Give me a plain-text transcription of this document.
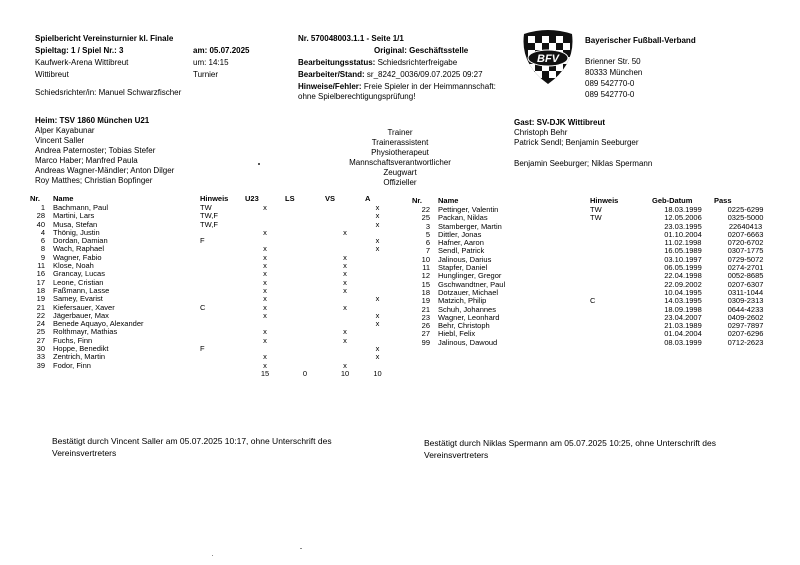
Spielbericht Vereinsturnier kl. Finale
Spieltag: 1 / Spiel Nr.: 3	am: 05.07.2025
Kaufwerk-Arena Wittibreut	um: 14:15
Wittibreut	Turnier
Schiedsrichter/in: Manuel Schwarzfischer
Nr. 570048003.1.1 - Seite 1/1
Original: Geschäftsstelle
Bearbeitungsstatus: Schiedsrichterfreigabe
Bearbeiter/Stand: sr_8242_0036/09.07.2025 09:27
Hinweise/Fehler: Freie Spieler in der Heimmannschaft: ohne Spielberechtigungsprüfung!
BFV
Bayerischer Fußball-Verband
Brienner Str. 50
80333 München
089 542770-0
089 542770-0
Heim: TSV 1860 München U21
Alper Kayabunar
Vincent Saller
Andrea Paternoster; Tobias Stefer
Marco Haber; Manfred Paula
Andreas Wagner-Mändler; Anton Dilger
Roy Matthes; Christian Bopfinger
Trainer
Trainerassistent
Physiotherapeut
Mannschaftsverantwortlicher
Zeugwart
Offizieller
Gast: SV-DJK Wittibreut
Christoph Behr
Patrick Sendl; Benjamin Seeburger
Benjamin Seeburger; Niklas Spermann
Nr.	Name	Hinweis	U23	LS	VS	A
1	Bachmann, Paul	TW	x			x
28	Martini, Lars	TW,F				x
40	Musa, Stefan	TW,F				x
4	Thönig, Justin		x		x	
6	Dordan, Damian	F				x
8	Wach, Raphael		x			x
9	Wagner, Fabio		x		x	
11	Klose, Noah		x		x	
16	Grancay, Lucas		x		x	
17	Leone, Cristian		x		x	
18	Faßmann, Lasse		x		x	
19	Samey, Evarist		x			x
21	Kiefersauer, Xaver	C	x		x	
22	Jägerbauer, Max		x			x
24	Benede Aquayo, Alexander					x
25	Rolthmayr, Mathias		x		x	
27	Fuchs, Finn		x		x	
30	Hoppe, Benedikt	F				x
33	Zentrich, Martin		x			x
39	Fodor, Finn		x		x	
			15	0	10	10
Nr.	Name	Hinweis	Geb-Datum	Pass
22	Pettinger, Valentin	TW	18.03.1999	0225-6299
25	Packan, Niklas	TW	12.05.2006	0325-5000
3	Stamberger, Martin		23.03.1995	22640413
5	Dittler, Jonas		01.10.2004	0207-6663
6	Hafner, Aaron		11.02.1998	0720-6702
7	Sendl, Patrick		16.05.1989	0307-1775
10	Jalinous, Darius		03.10.1997	0729-5072
11	Stapfer, Daniel		06.05.1999	0274-2701
12	Hunglinger, Gregor		22.04.1998	0052-8685
15	Gschwandtner, Paul		22.09.2002	0207-6307
18	Dotzauer, Michael		10.04.1995	0311-1044
19	Matzich, Philip	C	14.03.1995	0309-2313
21	Schuh, Johannes		18.09.1998	0644-4233
23	Wagner, Leonhard		23.04.2007	0409-2602
26	Behr, Christoph		21.03.1989	0297-7897
27	Hiebl, Felix		01.04.2004	0207-6296
99	Jalinous, Dawoud		08.03.1999	0712-2623
Bestätigt durch Vincent Saller am 05.07.2025 10:17, ohne Unterschrift des Vereinsvertreters
Bestätigt durch Niklas Spermann am 05.07.2025 10:25, ohne Unterschrift des Vereinsvertreters
